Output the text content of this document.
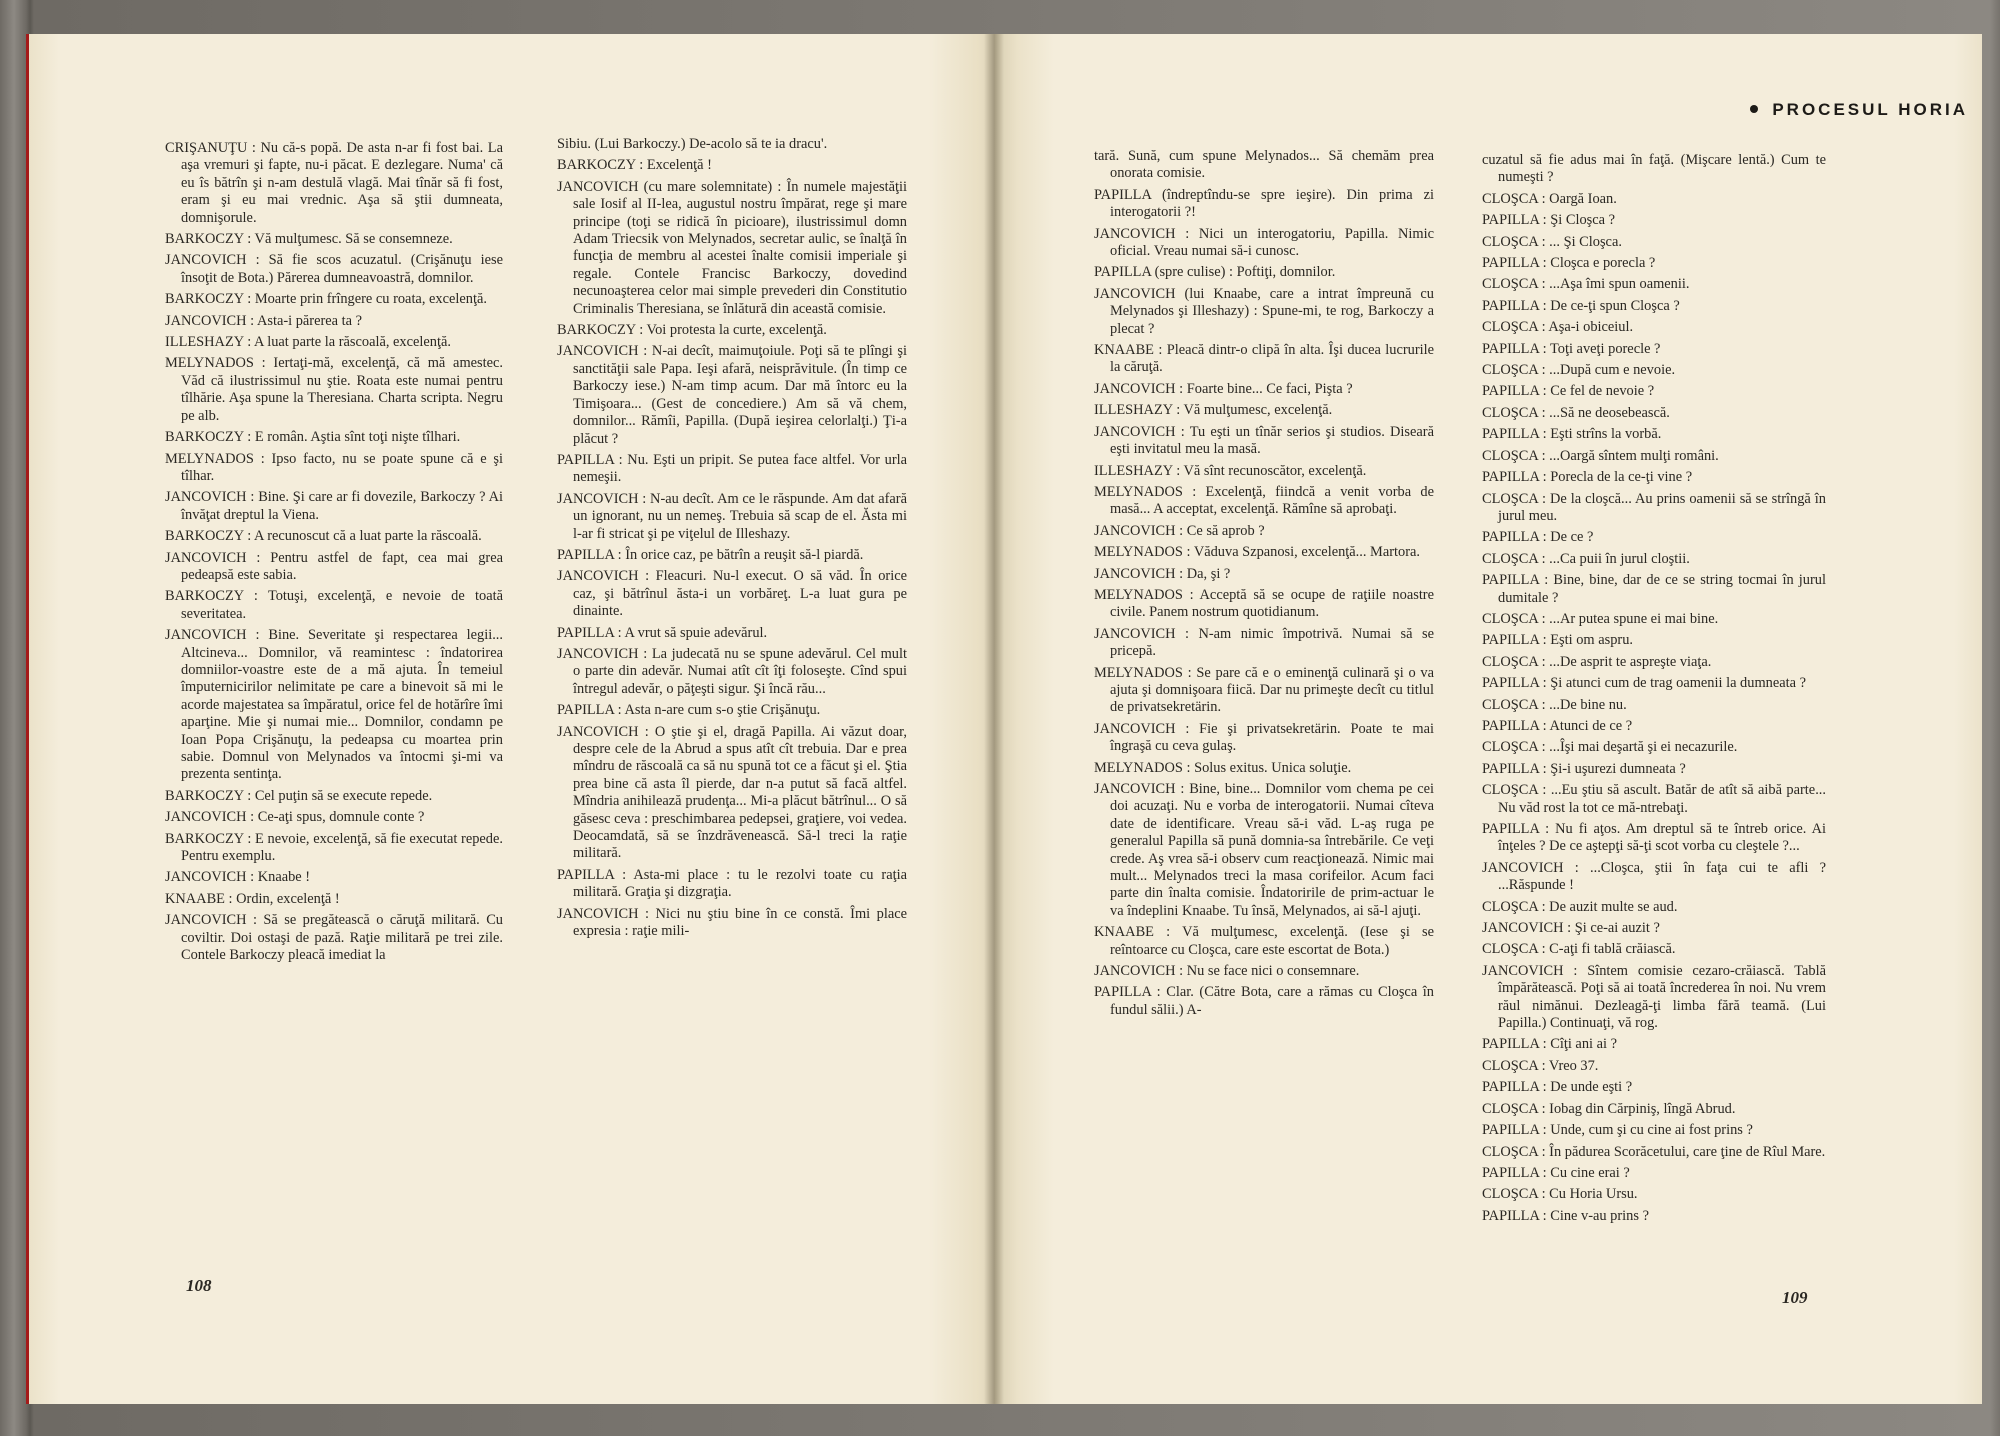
PROCESUL HORIA

CRIŞANUŢU : Nu că-s popă. De asta n-ar fi fost bai. La aşa vremuri şi fapte, nu-i păcat. E dezlegare. Numa' că eu îs bătrîn şi n-am destulă vlagă. Mai tînăr să fi fost, eram şi eu mai vrednic. Aşa să ştii dumneata, domnişorule.

BARKOCZY : Vă mulţumesc. Să se consemneze.

JANCOVICH : Să fie scos acuzatul. (Crişănuţu iese însoţit de Bota.) Părerea dumneavoastră, domnilor.

BARKOCZY : Moarte prin frîngere cu roata, excelenţă.

JANCOVICH : Asta-i părerea ta ?

ILLESHAZY : A luat parte la răscoală, excelenţă.

MELYNADOS : Iertaţi-mă, excelenţă, că mă amestec. Văd că ilustrissimul nu ştie. Roata este numai pentru tîlhărie. Aşa spune la Theresiana. Charta scripta. Negru pe alb.

BARKOCZY : E român. Aştia sînt toţi nişte tîlhari.

MELYNADOS : Ipso facto, nu se poate spune că e şi tîlhar.

JANCOVICH : Bine. Şi care ar fi dovezile, Barkoczy ? Ai învăţat dreptul la Viena.

BARKOCZY : A recunoscut că a luat parte la răscoală.

JANCOVICH : Pentru astfel de fapt, cea mai grea pedeapsă este sabia.

BARKOCZY : Totuşi, excelenţă, e nevoie de toată severitatea.

JANCOVICH : Bine. Severitate şi respectarea legii... Altcineva... Domnilor, vă reamintesc : îndatorirea domniilor-voastre este de a mă ajuta. În temeiul împuternicirilor nelimitate pe care a binevoit să mi le acorde majestatea sa împăratul, orice fel de hotărîre îmi aparţine. Mie şi numai mie... Domnilor, condamn pe Ioan Popa Crişănuţu, la pedeapsa cu moartea prin sabie. Domnul von Melynados va întocmi şi-mi va prezenta sentinţa.

BARKOCZY : Cel puţin să se execute repede.

JANCOVICH : Ce-aţi spus, domnule conte ?

BARKOCZY : E nevoie, excelenţă, să fie executat repede. Pentru exemplu.

JANCOVICH : Knaabe !

KNAABE : Ordin, excelenţă !

JANCOVICH : Să se pregătească o căruţă militară. Cu coviltir. Doi ostaşi de pază. Raţie militară pe trei zile. Contele Barkoczy pleacă imediat la

Sibiu. (Lui Barkoczy.) De-acolo să te ia dracu'.

BARKOCZY : Excelenţă !

JANCOVICH (cu mare solemnitate) : În numele majestăţii sale Iosif al II-lea, augustul nostru împărat, rege şi mare principe (toţi se ridică în picioare), ilustrissimul domn Adam Triecsik von Melynados, secretar aulic, se înalţă în funcţia de membru al acestei înalte comisii imperiale şi regale. Contele Francisc Barkoczy, dovedind necunoaşterea celor mai simple prevederi din Constitutio Criminalis Theresiana, se înlătură din această comisie.

BARKOCZY : Voi protesta la curte, excelenţă.

JANCOVICH : N-ai decît, maimuţoiule. Poţi să te plîngi şi sanctităţii sale Papa. Ieşi afară, neisprăvitule. (În timp ce Barkoczy iese.) N-am timp acum. Dar mă întorc eu la Timişoara... (Gest de concediere.) Am să vă chem, domnilor... Rămîi, Papilla. (După ieşirea celorlalţi.) Ţi-a plăcut ?

PAPILLA : Nu. Eşti un pripit. Se putea face altfel. Vor urla nemeşii.

JANCOVICH : N-au decît. Am ce le răspunde. Am dat afară un ignorant, nu un nemeş. Trebuia să scap de el. Ăsta mi l-ar fi stricat şi pe viţelul de Illeshazy.

PAPILLA : În orice caz, pe bătrîn a reuşit să-l piardă.

JANCOVICH : Fleacuri. Nu-l execut. O să văd. În orice caz, şi bătrînul ăsta-i un vorbăreţ. L-a luat gura pe dinainte.

PAPILLA : A vrut să spuie adevărul.

JANCOVICH : La judecată nu se spune adevărul. Cel mult o parte din adevăr. Numai atît cît îţi foloseşte. Cînd spui întregul adevăr, o păţeşti sigur. Şi încă rău...

PAPILLA : Asta n-are cum s-o ştie Crişănuţu.

JANCOVICH : O ştie şi el, dragă Papilla. Ai văzut doar, despre cele de la Abrud a spus atît cît trebuia. Dar e prea mîndru de răscoală ca să nu spună tot ce a făcut şi el. Ştia prea bine că asta îl pierde, dar n-a putut să facă altfel. Mîndria anihilează prudenţa... Mi-a plăcut bătrînul... O să găsesc ceva : preschimbarea pedepsei, graţiere, voi vedea. Deocamdată, să se înzdrăvenească. Să-l treci la raţie militară.

PAPILLA : Asta-mi place : tu le rezolvi toate cu raţia militară. Graţia şi dizgraţia.

JANCOVICH : Nici nu ştiu bine în ce constă. Îmi place expresia : raţie mili-

tară. Sună, cum spune Melynados... Să chemăm prea onorata comisie.

PAPILLA (îndreptîndu-se spre ieşire). Din prima zi interogatorii ?!

JANCOVICH : Nici un interogatoriu, Papilla. Nimic oficial. Vreau numai să-i cunosc.

PAPILLA (spre culise) : Poftiţi, domnilor.

JANCOVICH (lui Knaabe, care a intrat împreună cu Melynados şi Illeshazy) : Spune-mi, te rog, Barkoczy a plecat ?

KNAABE : Pleacă dintr-o clipă în alta. Îşi ducea lucrurile la căruţă.

JANCOVICH : Foarte bine... Ce faci, Pişta ?

ILLESHAZY : Vă mulţumesc, excelenţă.

JANCOVICH : Tu eşti un tînăr serios şi studios. Diseară eşti invitatul meu la masă.

ILLESHAZY : Vă sînt recunoscător, excelenţă.

MELYNADOS : Excelenţă, fiindcă a venit vorba de masă... A acceptat, excelenţă. Rămîne să aprobaţi.

JANCOVICH : Ce să aprob ?

MELYNADOS : Văduva Szpanosi, excelenţă... Martora.

JANCOVICH : Da, şi ?

MELYNADOS : Acceptă să se ocupe de raţiile noastre civile. Panem nostrum quotidianum.

JANCOVICH : N-am nimic împotrivă. Numai să se pricepă.

MELYNADOS : Se pare că e o eminenţă culinară şi o va ajuta şi domnişoara fiică. Dar nu primeşte decît cu titlul de privatsekretärin.

JANCOVICH : Fie şi privatsekretärin. Poate te mai îngraşă cu ceva gulaş.

MELYNADOS : Solus exitus. Unica soluţie.

JANCOVICH : Bine, bine... Domnilor vom chema pe cei doi acuzaţi. Nu e vorba de interogatorii. Numai cîteva date de identificare. Vreau să-i văd. L-aş ruga pe generalul Papilla să pună domnia-sa întrebările. Ce veţi crede. Aş vrea să-i observ cum reacţionează. Nimic mai mult... Melynados treci la masa corifeilor. Acum faci parte din înalta comisie. Îndatoririle de prim-actuar le va îndeplini Knaabe. Tu însă, Melynados, ai să-l ajuţi.

KNAABE : Vă mulţumesc, excelenţă. (Iese şi se reîntoarce cu Cloşca, care este escortat de Bota.)

JANCOVICH : Nu se face nici o consemnare.

PAPILLA : Clar. (Către Bota, care a rămas cu Cloşca în fundul sălii.) A-

cuzatul să fie adus mai în faţă. (Mişcare lentă.) Cum te numeşti ?

CLOŞCA : Oargă Ioan.

PAPILLA : Şi Cloşca ?

CLOŞCA : ... Şi Cloşca.

PAPILLA : Cloşca e porecla ?

CLOŞCA : ...Aşa îmi spun oamenii.

PAPILLA : De ce-ţi spun Cloşca ?

CLOŞCA : Aşa-i obiceiul.

PAPILLA : Toţi aveţi porecle ?

CLOŞCA : ...După cum e nevoie.

PAPILLA : Ce fel de nevoie ?

CLOŞCA : ...Să ne deosebească.

PAPILLA : Eşti strîns la vorbă.

CLOŞCA : ...Oargă sîntem mulţi români.

PAPILLA : Porecla de la ce-ţi vine ?

CLOŞCA : De la cloşcă... Au prins oamenii să se strîngă în jurul meu.

PAPILLA : De ce ?

CLOŞCA : ...Ca puii în jurul cloştii.

PAPILLA : Bine, bine, dar de ce se string tocmai în jurul dumitale ?

CLOŞCA : ...Ar putea spune ei mai bine.

PAPILLA : Eşti om aspru.

CLOŞCA : ...De asprit te aspreşte viaţa.

PAPILLA : Şi atunci cum de trag oamenii la dumneata ?

CLOŞCA : ...De bine nu.

PAPILLA : Atunci de ce ?

CLOŞCA : ...Îşi mai deşartă şi ei necazurile.

PAPILLA : Şi-i uşurezi dumneata ?

CLOŞCA : ...Eu ştiu să ascult. Batăr de atît să aibă parte... Nu văd rost la tot ce mă-ntrebaţi.

PAPILLA : Nu fi aţos. Am dreptul să te întreb orice. Ai înţeles ? De ce aştepţi să-ţi scot vorba cu cleştele ?...

JANCOVICH : ...Cloşca, ştii în faţa cui te afli ? ...Răspunde !

CLOŞCA : De auzit multe se aud.

JANCOVICH : Şi ce-ai auzit ?

CLOŞCA : C-aţi fi tablă crăiască.

JANCOVICH : Sîntem comisie cezaro-crăiască. Tablă împărătească. Poţi să ai toată încrederea în noi. Nu vrem răul nimănui. Dezleagă-ţi limba fără teamă. (Lui Papilla.) Continuaţi, vă rog.

PAPILLA : Cîţi ani ai ?

CLOŞCA : Vreo 37.

PAPILLA : De unde eşti ?

CLOŞCA : Iobag din Cărpiniş, lîngă Abrud.

PAPILLA : Unde, cum şi cu cine ai fost prins ?

CLOŞCA : În pădurea Scorăcetului, care ţine de Rîul Mare.

PAPILLA : Cu cine erai ?

CLOŞCA : Cu Horia Ursu.

PAPILLA : Cine v-au prins ?

108
109
